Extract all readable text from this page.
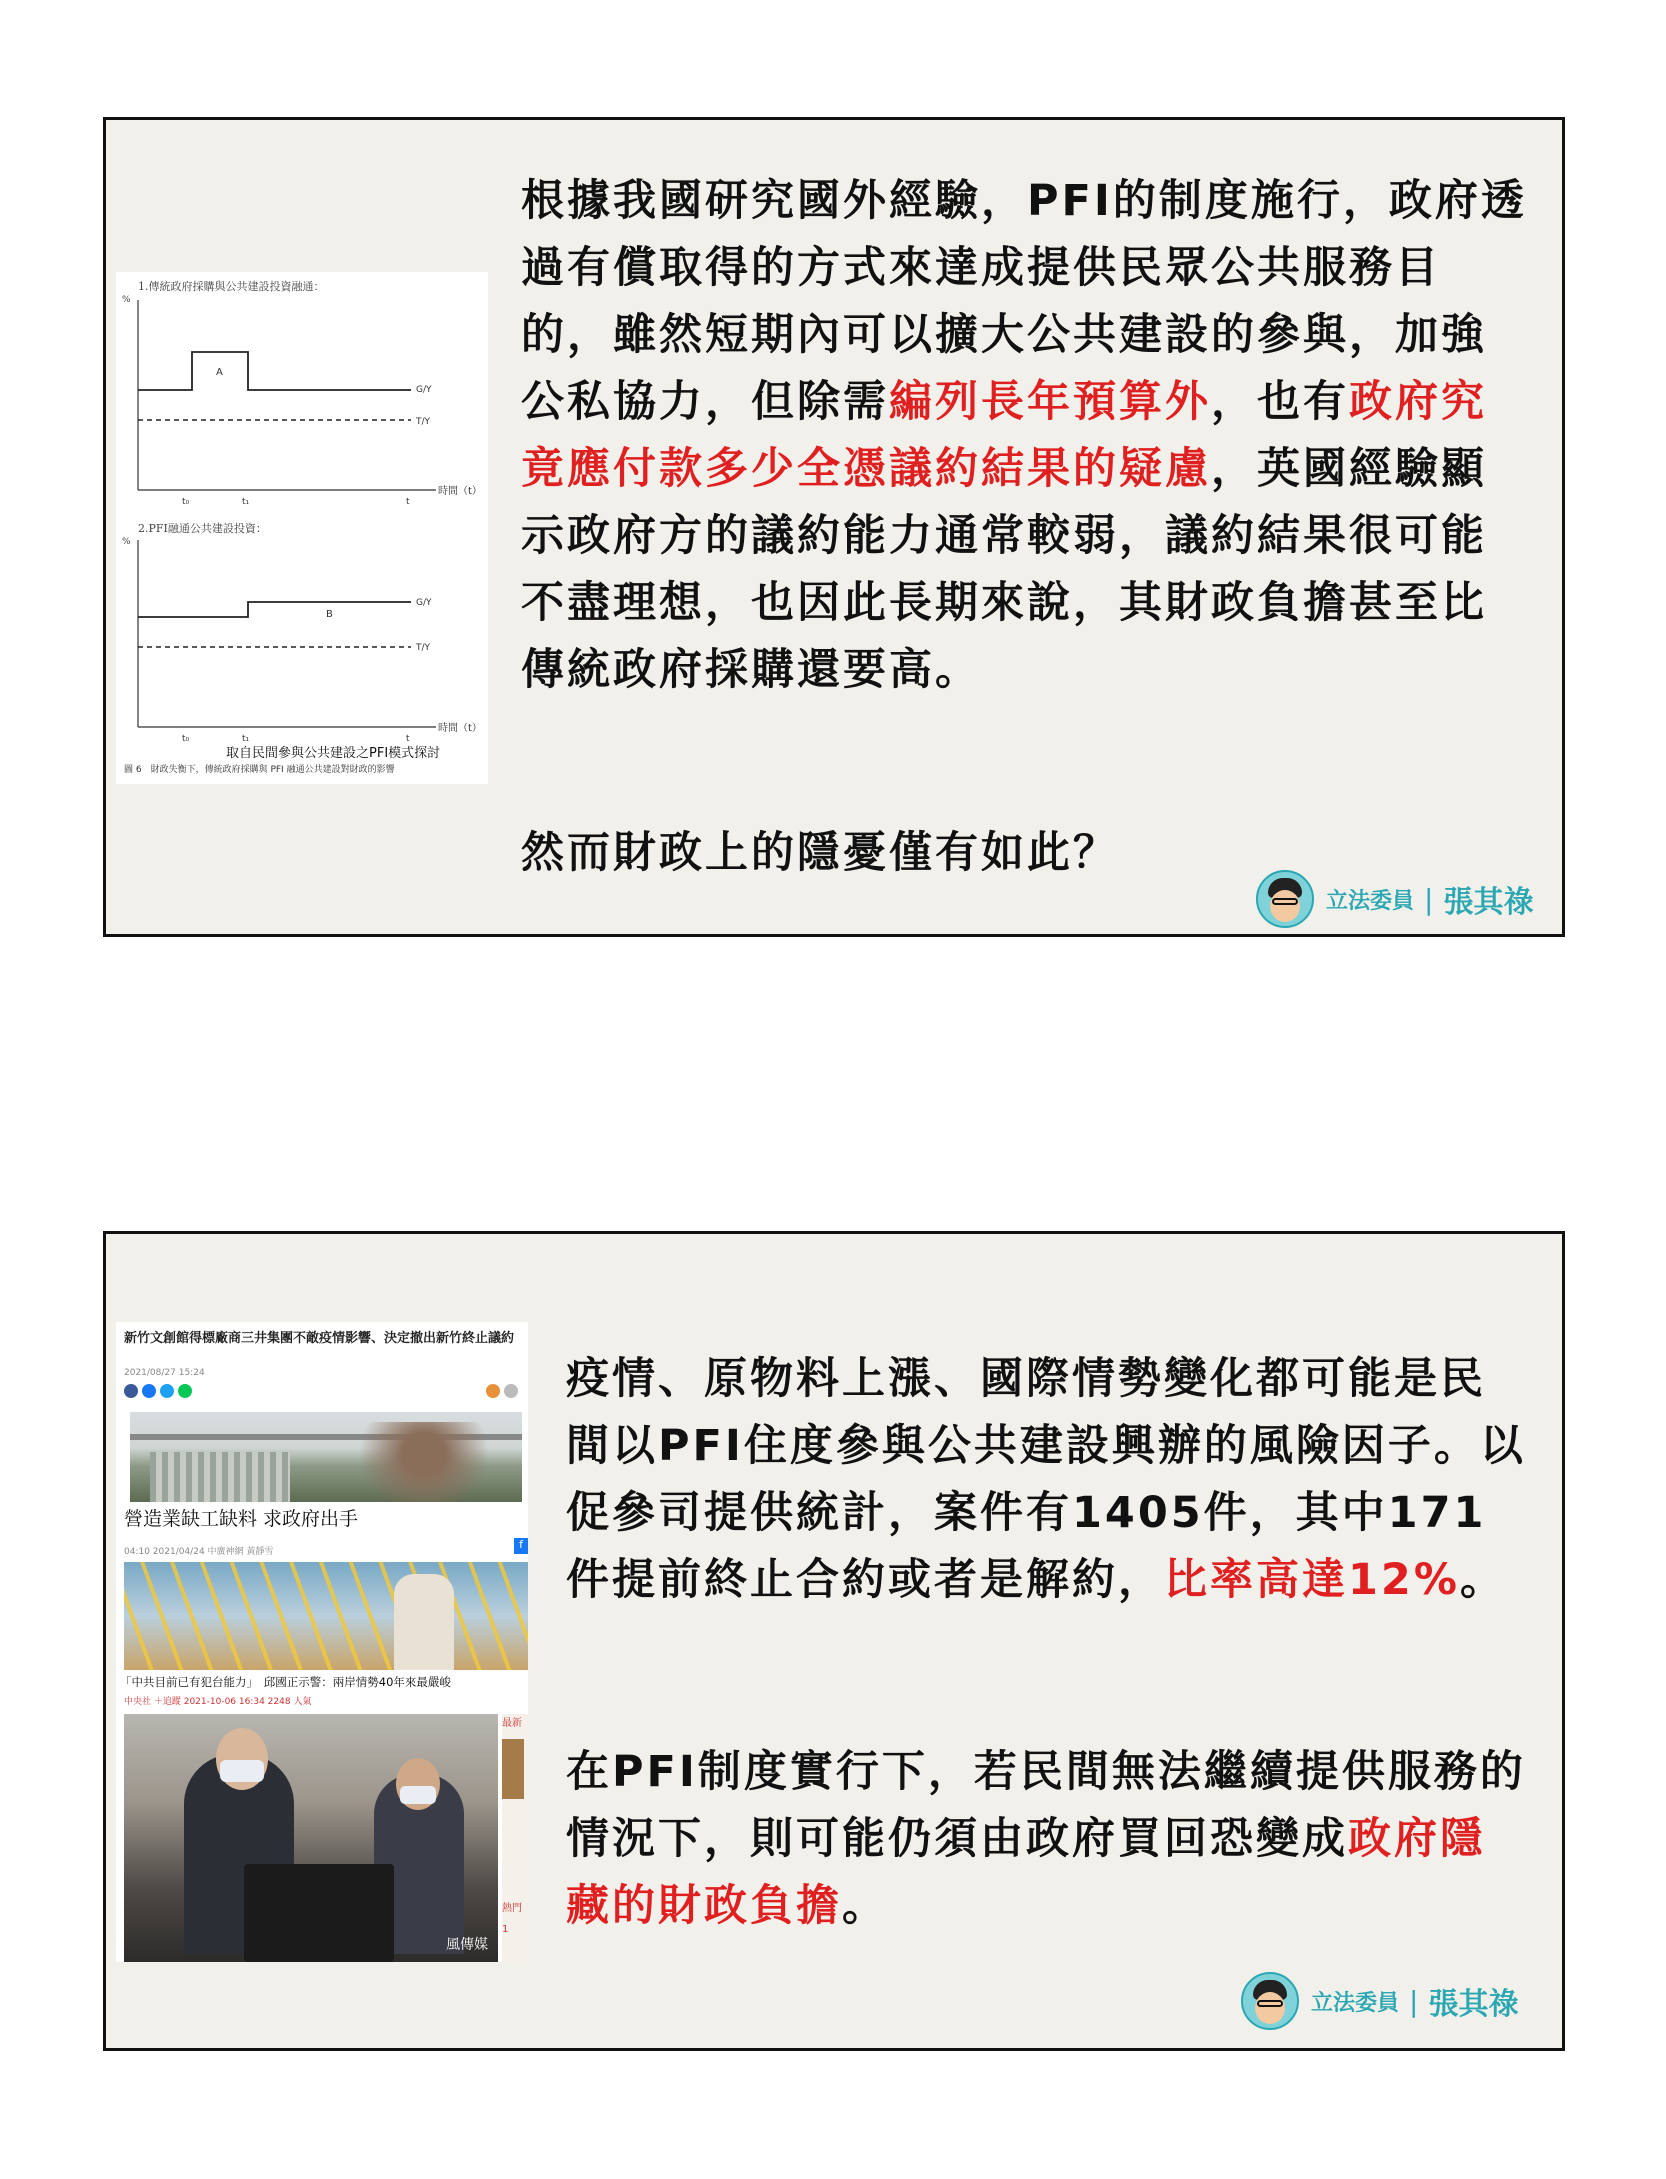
1.傳統政府採購與公共建設投資融通：
%
A
G/Y
T/Y
t₀	t₁	t
時間（t）
2.PFI融通公共建設投資：
%
B
G/Y
T/Y
t₀	t₁	t
時間（t）
取自民間參與公共建設之PFI模式探討
圖 6　財政失衡下，傳統政府採購與 PFI 融通公共建設對財政的影響

根據我國研究國外經驗，PFI的制度施行，政府透過有償取得的方式來達成提供民眾公共服務目的，雖然短期內可以擴大公共建設的參與，加強公私協力，但除需編列長年預算外，也有政府究竟應付款多少全憑議約結果的疑慮，英國經驗顯示政府方的議約能力通常較弱，議約結果很可能不盡理想，也因此長期來說，其財政負擔甚至比傳統政府採購還要高。

然而財政上的隱憂僅有如此？

立法委員 | 張其祿
新竹文創館得標廠商三井集團不敵疫情影響、決定撤出新竹終止議約
2021/08/27 15:24
營造業缺工缺料 求政府出手
04:10 2021/04/24 中廣神網 黃靜雪
f
「中共目前已有犯台能力」　邱國正示警：兩岸情勢40年來最嚴峻
中央社 ＋追蹤 2021-10-06 16:34 2248 人氣
風傳媒
最新
熱門
1

疫情、原物料上漲、國際情勢變化都可能是民間以PFI住度參與公共建設興辦的風險因子。以促參司提供統計，案件有1405件，其中171件提前終止合約或者是解約，比率高達12%。

在PFI制度實行下，若民間無法繼續提供服務的情況下，則可能仍須由政府買回恐變成政府隱藏的財政負擔。

立法委員 | 張其祿
